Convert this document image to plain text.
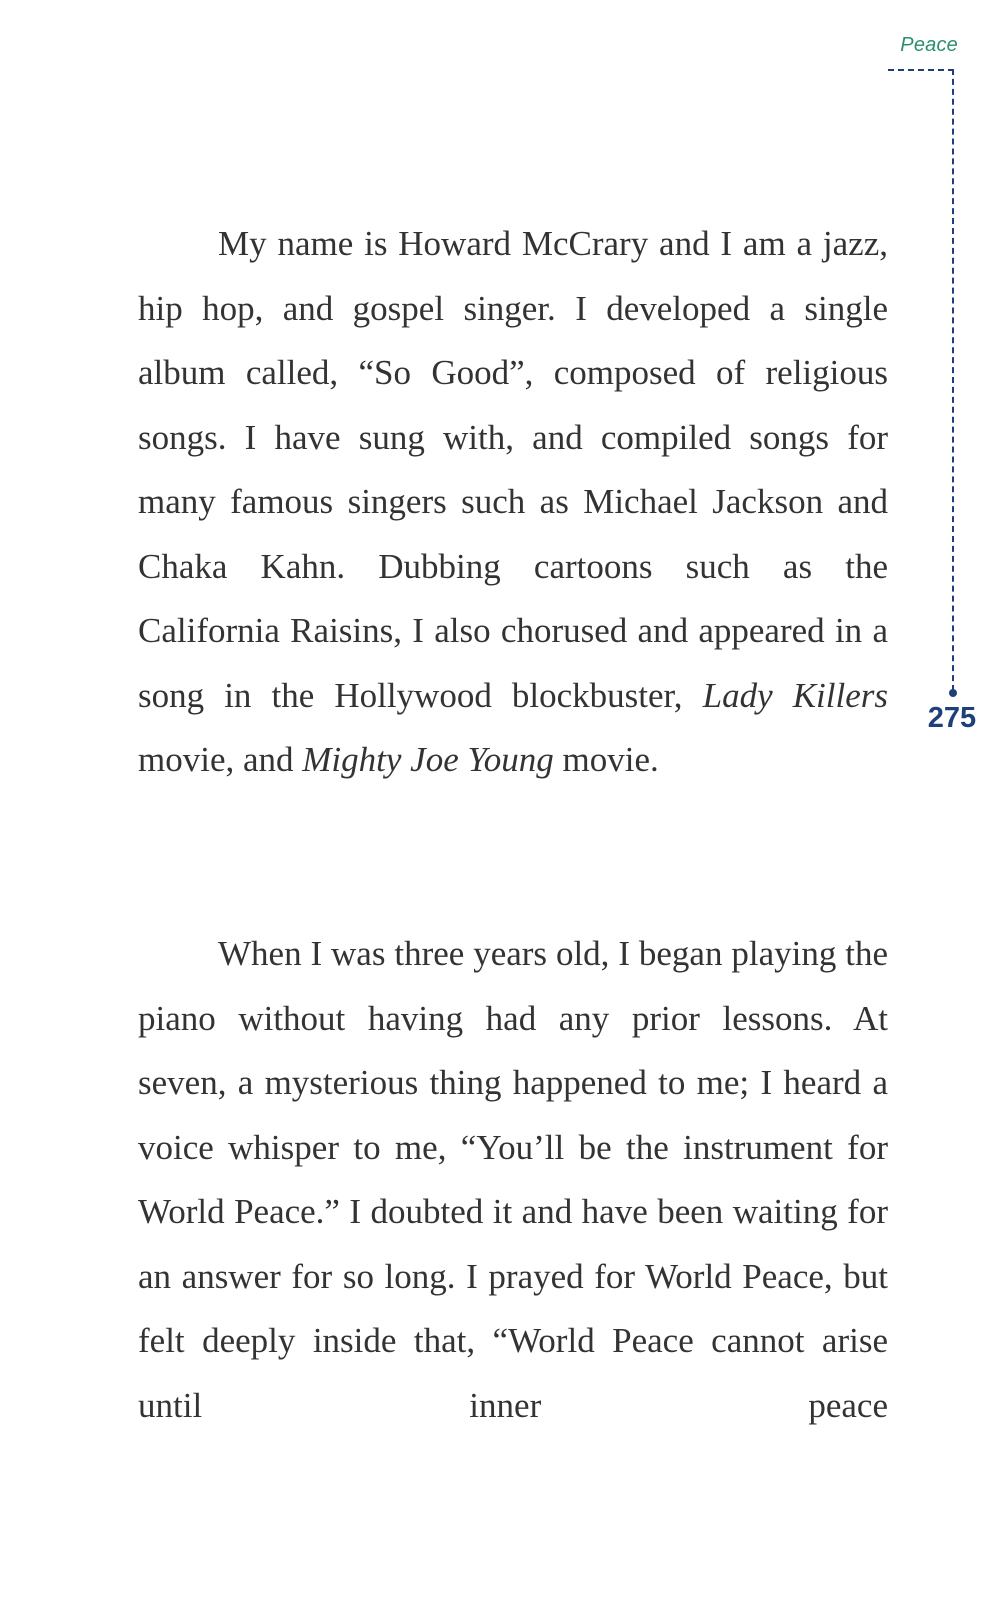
Peace
275

My name is Howard McCrary and I am a jazz, hip hop, and gospel singer. I developed a single album called, “So Good”, composed of religious songs. I have sung with, and compiled songs for many famous singers such as Michael Jackson and Chaka Kahn. Dubbing cartoons such as the California Raisins, I also chorused and appeared in a song in the Hollywood blockbuster, Lady Killers movie, and Mighty Joe Young movie.

When I was three years old, I began playing the piano without having had any prior lessons. At seven, a mysterious thing happened to me; I heard a voice whisper to me, “You’ll be the instrument for World Peace.” I doubted it and have been waiting for an answer for so long. I prayed for World Peace, but felt deeply inside that, “World Peace cannot arise until inner peace
